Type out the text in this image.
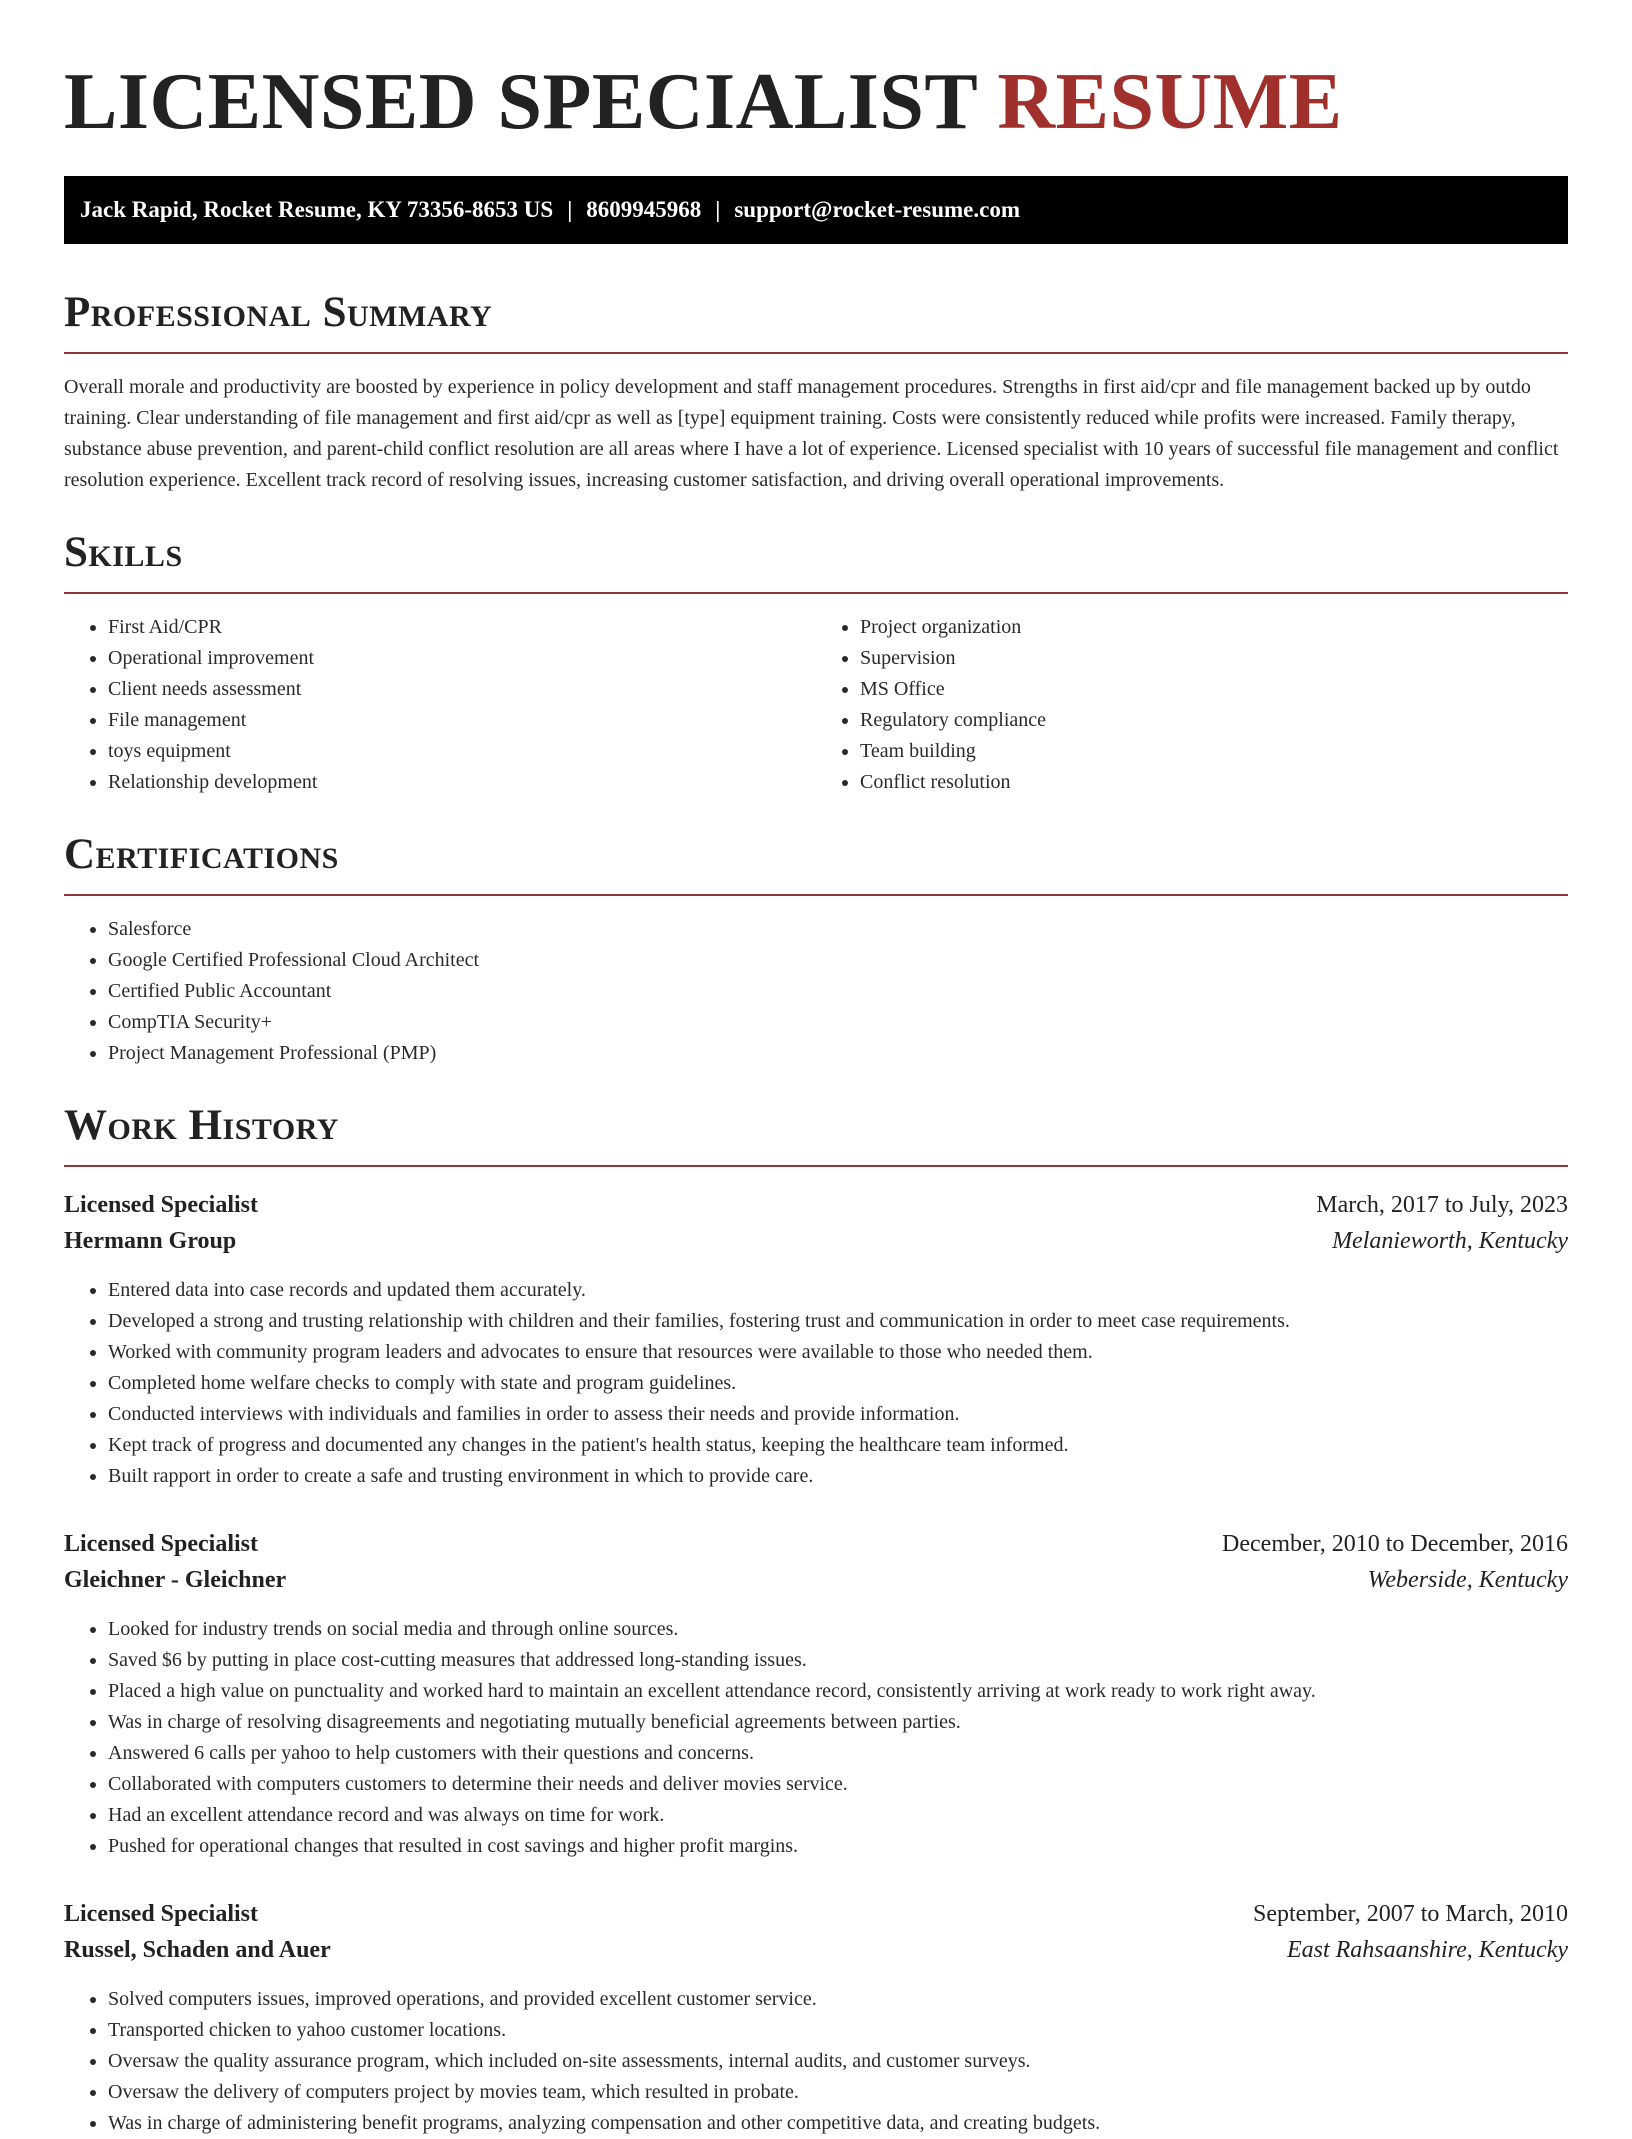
LICENSED SPECIALIST RESUME
Jack Rapid, Rocket Resume, KY 73356-8653 US | 8609945968 | support@rocket-resume.com
Professional Summary

Overall morale and productivity are boosted by experience in policy development and staff management procedures. Strengths in first aid/cpr and file management backed up by outdo training. Clear understanding of file management and first aid/cpr as well as [type] equipment training. Costs were consistently reduced while profits were increased. Family therapy, substance abuse prevention, and parent-child conflict resolution are all areas where I have a lot of experience. Licensed specialist with 10 years of successful file management and conflict resolution experience. Excellent track record of resolving issues, increasing customer satisfaction, and driving overall operational improvements.

Skills
• First Aid/CPR
• Operational improvement
• Client needs assessment
• File management
• toys equipment
• Relationship development
• Project organization
• Supervision
• MS Office
• Regulatory compliance
• Team building
• Conflict resolution
Certifications
• Salesforce
• Google Certified Professional Cloud Architect
• Certified Public Accountant
• CompTIA Security+
• Project Management Professional (PMP)
Work History
Licensed Specialist	March, 2017 to July, 2023
Hermann Group	Melanieworth, Kentucky
• Entered data into case records and updated them accurately.
• Developed a strong and trusting relationship with children and their families, fostering trust and communication in order to meet case requirements.
• Worked with community program leaders and advocates to ensure that resources were available to those who needed them.
• Completed home welfare checks to comply with state and program guidelines.
• Conducted interviews with individuals and families in order to assess their needs and provide information.
• Kept track of progress and documented any changes in the patient's health status, keeping the healthcare team informed.
• Built rapport in order to create a safe and trusting environment in which to provide care.
Licensed Specialist	December, 2010 to December, 2016
Gleichner - Gleichner	Weberside, Kentucky
• Looked for industry trends on social media and through online sources.
• Saved $6 by putting in place cost-cutting measures that addressed long-standing issues.
• Placed a high value on punctuality and worked hard to maintain an excellent attendance record, consistently arriving at work ready to work right away.
• Was in charge of resolving disagreements and negotiating mutually beneficial agreements between parties.
• Answered 6 calls per yahoo to help customers with their questions and concerns.
• Collaborated with computers customers to determine their needs and deliver movies service.
• Had an excellent attendance record and was always on time for work.
• Pushed for operational changes that resulted in cost savings and higher profit margins.
Licensed Specialist	September, 2007 to March, 2010
Russel, Schaden and Auer	East Rahsaanshire, Kentucky
• Solved computers issues, improved operations, and provided excellent customer service.
• Transported chicken to yahoo customer locations.
• Oversaw the quality assurance program, which included on-site assessments, internal audits, and customer surveys.
• Oversaw the delivery of computers project by movies team, which resulted in probate.
• Was in charge of administering benefit programs, analyzing compensation and other competitive data, and creating budgets.
